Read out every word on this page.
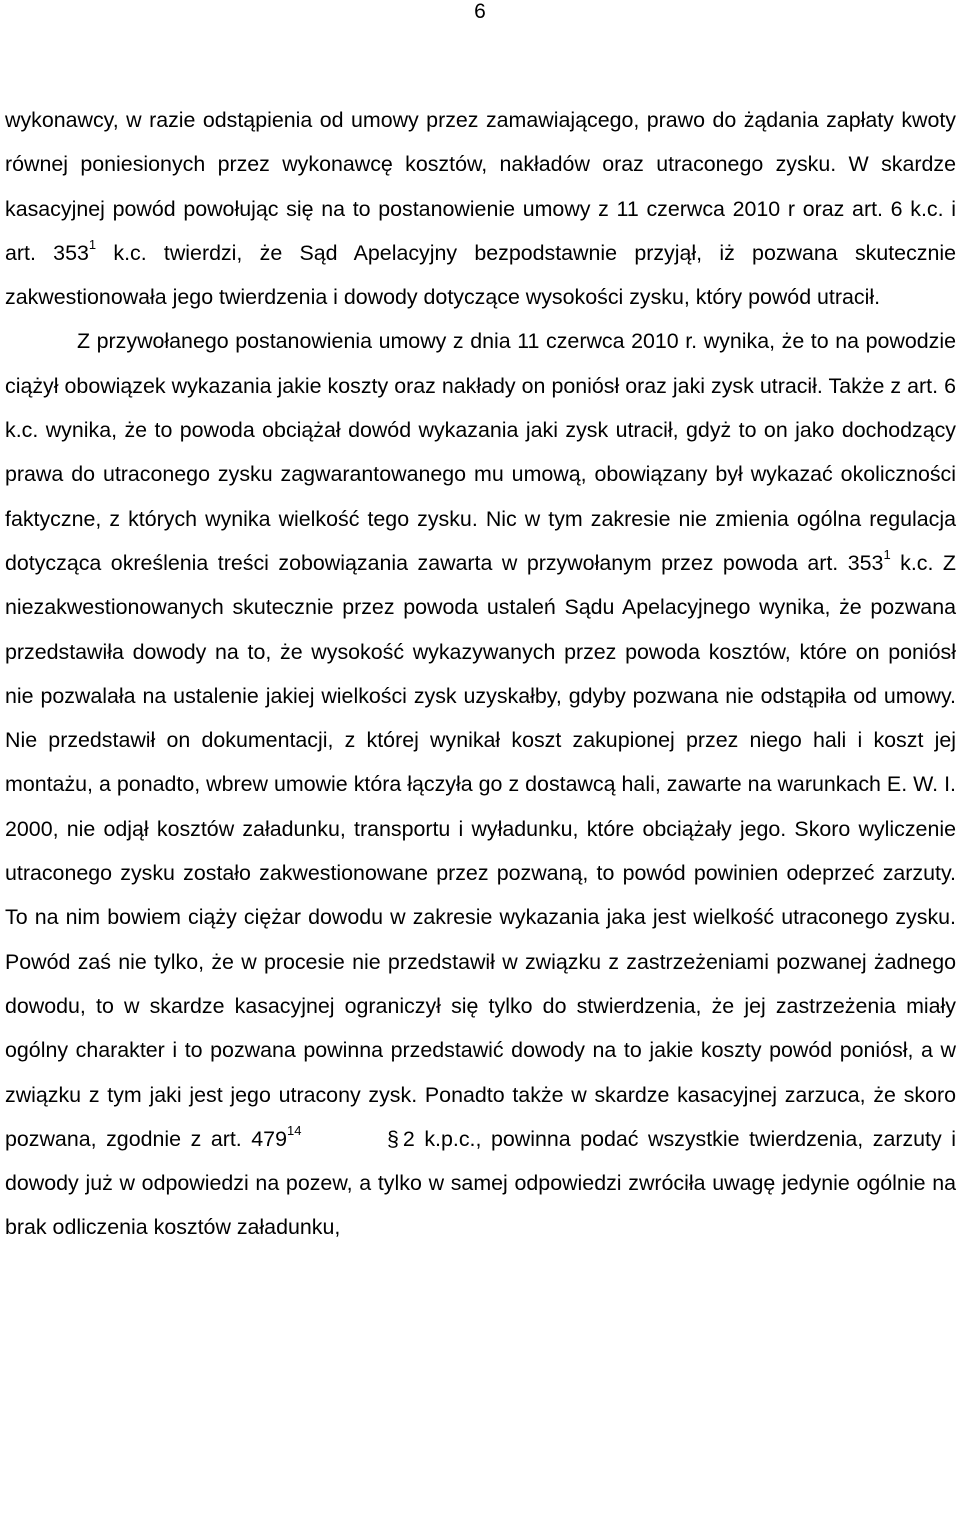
6

wykonawcy, w razie odstąpienia od umowy przez zamawiającego, prawo do żądania zapłaty kwoty równej poniesionych przez wykonawcę kosztów, nakładów oraz utraconego zysku. W skardze kasacyjnej powód powołując się na to postanowienie umowy z 11 czerwca 2010 r oraz art. 6 k.c. i art. $353^1$ k.c. twierdzi, że Sąd Apelacyjny bezpodstawnie przyjął, iż pozwana skutecznie zakwestionowała jego twierdzenia i dowody dotyczące wysokości zysku, który powód utracił.

Z przywołanego postanowienia umowy z dnia 11 czerwca 2010 r. wynika, że to na powodzie ciążył obowiązek wykazania jakie koszty oraz nakłady on poniósł oraz jaki zysk utracił. Także z art. 6 k.c. wynika, że to powoda obciążał dowód wykazania jaki zysk utracił, gdyż to on jako dochodzący prawa do utraconego zysku zagwarantowanego mu umową, obowiązany był wykazać okoliczności faktyczne, z których wynika wielkość tego zysku. Nic w tym zakresie nie zmienia ogólna regulacja dotycząca określenia treści zobowiązania zawarta w przywołanym przez powoda art. $353^1$ k.c. Z niezakwestionowanych skutecznie przez powoda ustaleń Sądu Apelacyjnego wynika, że pozwana przedstawiła dowody na to, że wysokość wykazywanych przez powoda kosztów, które on poniósł nie pozwalała na ustalenie jakiej wielkości zysk uzyskałby, gdyby pozwana nie odstąpiła od umowy. Nie przedstawił on dokumentacji, z której wynikał koszt zakupionej przez niego hali i koszt jej montażu, a ponadto, wbrew umowie która łączyła go z dostawcą hali, zawarte na warunkach E. W. I. 2000, nie odjął kosztów załadunku, transportu i wyładunku, które obciążały jego. Skoro wyliczenie utraconego zysku zostało zakwestionowane przez pozwaną, to powód powinien odeprzeć zarzuty. To na nim bowiem ciąży ciężar dowodu w zakresie wykazania jaka jest wielkość utraconego zysku. Powód zaś nie tylko, że w procesie nie przedstawił w związku z zastrzeżeniami pozwanej żadnego dowodu, to w skardze kasacyjnej ograniczył się tylko do stwierdzenia, że jej zastrzeżenia miały ogólny charakter i to pozwana powinna przedstawić dowody na to jakie koszty powód poniósł, a w związku z tym jaki jest jego utracony zysk. Ponadto także w skardze kasacyjnej zarzuca, że skoro pozwana, zgodnie z art. $479^{14}$	§ 2 k.p.c., powinna podać wszystkie twierdzenia, zarzuty i dowody już w odpowiedzi na pozew, a tylko w samej odpowiedzi zwróciła uwagę jedynie ogólnie na brak odliczenia kosztów załadunku,
